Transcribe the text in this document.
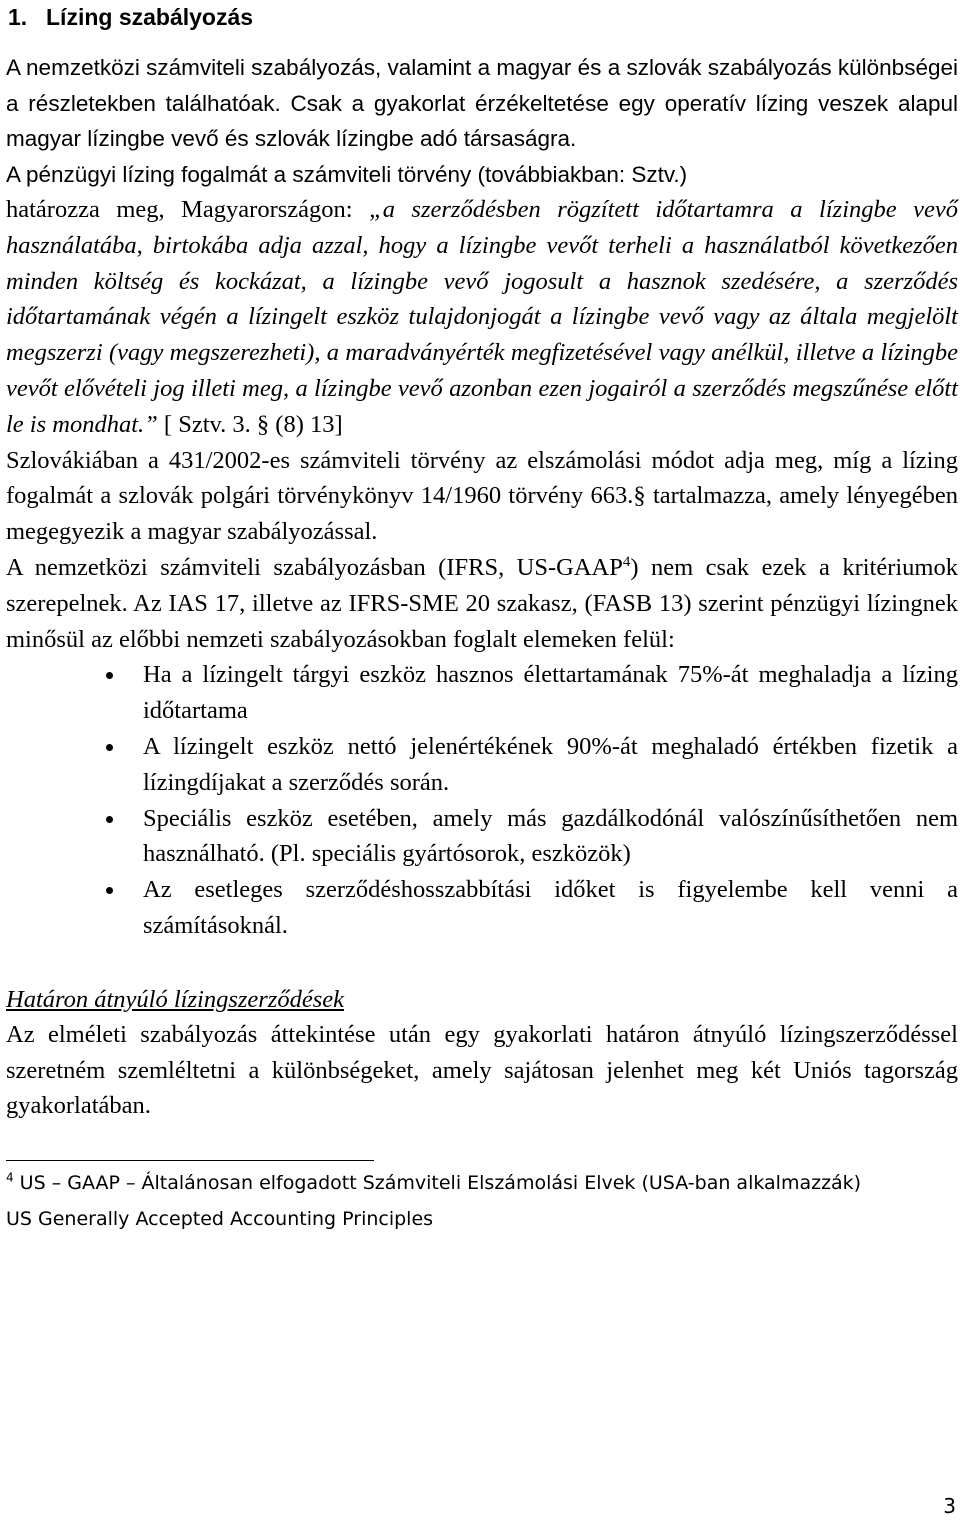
1. Lízing szabályozás

A nemzetközi számviteli szabályozás, valamint a magyar és a szlovák szabályozás különbségei a részletekben találhatóak. Csak a gyakorlat érzékeltetése egy operatív lízing veszek alapul magyar lízingbe vevő és szlovák lízingbe adó társaságra.

A pénzügyi lízing fogalmát a számviteli törvény (továbbiakban: Sztv.)

határozza meg, Magyarországon: „a szerződésben rögzített időtartamra a lízingbe vevő használatába, birtokába adja azzal, hogy a lízingbe vevőt terheli a használatból következően minden költség és kockázat, a lízingbe vevő jogosult a hasznok szedésére, a szerződés időtartamának végén a lízingelt eszköz tulajdonjogát a lízingbe vevő vagy az általa megjelölt megszerzi (vagy megszerezheti), a maradványérték megfizetésével vagy anélkül, illetve a lízingbe vevőt elővételi jog illeti meg, a lízingbe vevő azonban ezen jogairól a szerződés megszűnése előtt le is mondhat.” [ Sztv. 3. § (8) 13]

Szlovákiában a 431/2002-es számviteli törvény az elszámolási módot adja meg, míg a lízing fogalmát a szlovák polgári törvénykönyv 14/1960 törvény 663.§ tartalmazza, amely lényegében megegyezik a magyar szabályozással.

A nemzetközi számviteli szabályozásban (IFRS, US-GAAP$^4$) nem csak ezek a kritériumok szerepelnek. Az IAS 17, illetve az IFRS-SME 20 szakasz, (FASB 13) szerint pénzügyi lízingnek minősül az előbbi nemzeti szabályozásokban foglalt elemeken felül:

Ha a lízingelt tárgyi eszköz hasznos élettartamának 75%-át meghaladja a lízing időtartama
A lízingelt eszköz nettó jelenértékének 90%-át meghaladó értékben fizetik a lízingdíjakat a szerződés során.
Speciális eszköz esetében, amely más gazdálkodónál valószínűsíthetően nem használható. (Pl. speciális gyártósorok, eszközök)
Az esetleges szerződéshosszabbítási időket is figyelembe kell venni a számításoknál.

Határon átnyúló lízingszerződések

Az elméleti szabályozás áttekintése után egy gyakorlati határon átnyúló lízingszerződéssel szeretném szemléltetni a különbségeket, amely sajátosan jelenhet meg két Uniós tagország gyakorlatában.

$^4$ US – GAAP – Általánosan elfogadott Számviteli Elszámolási Elvek (USA-ban alkalmazzák)
US Generally Accepted Accounting Principles

3
